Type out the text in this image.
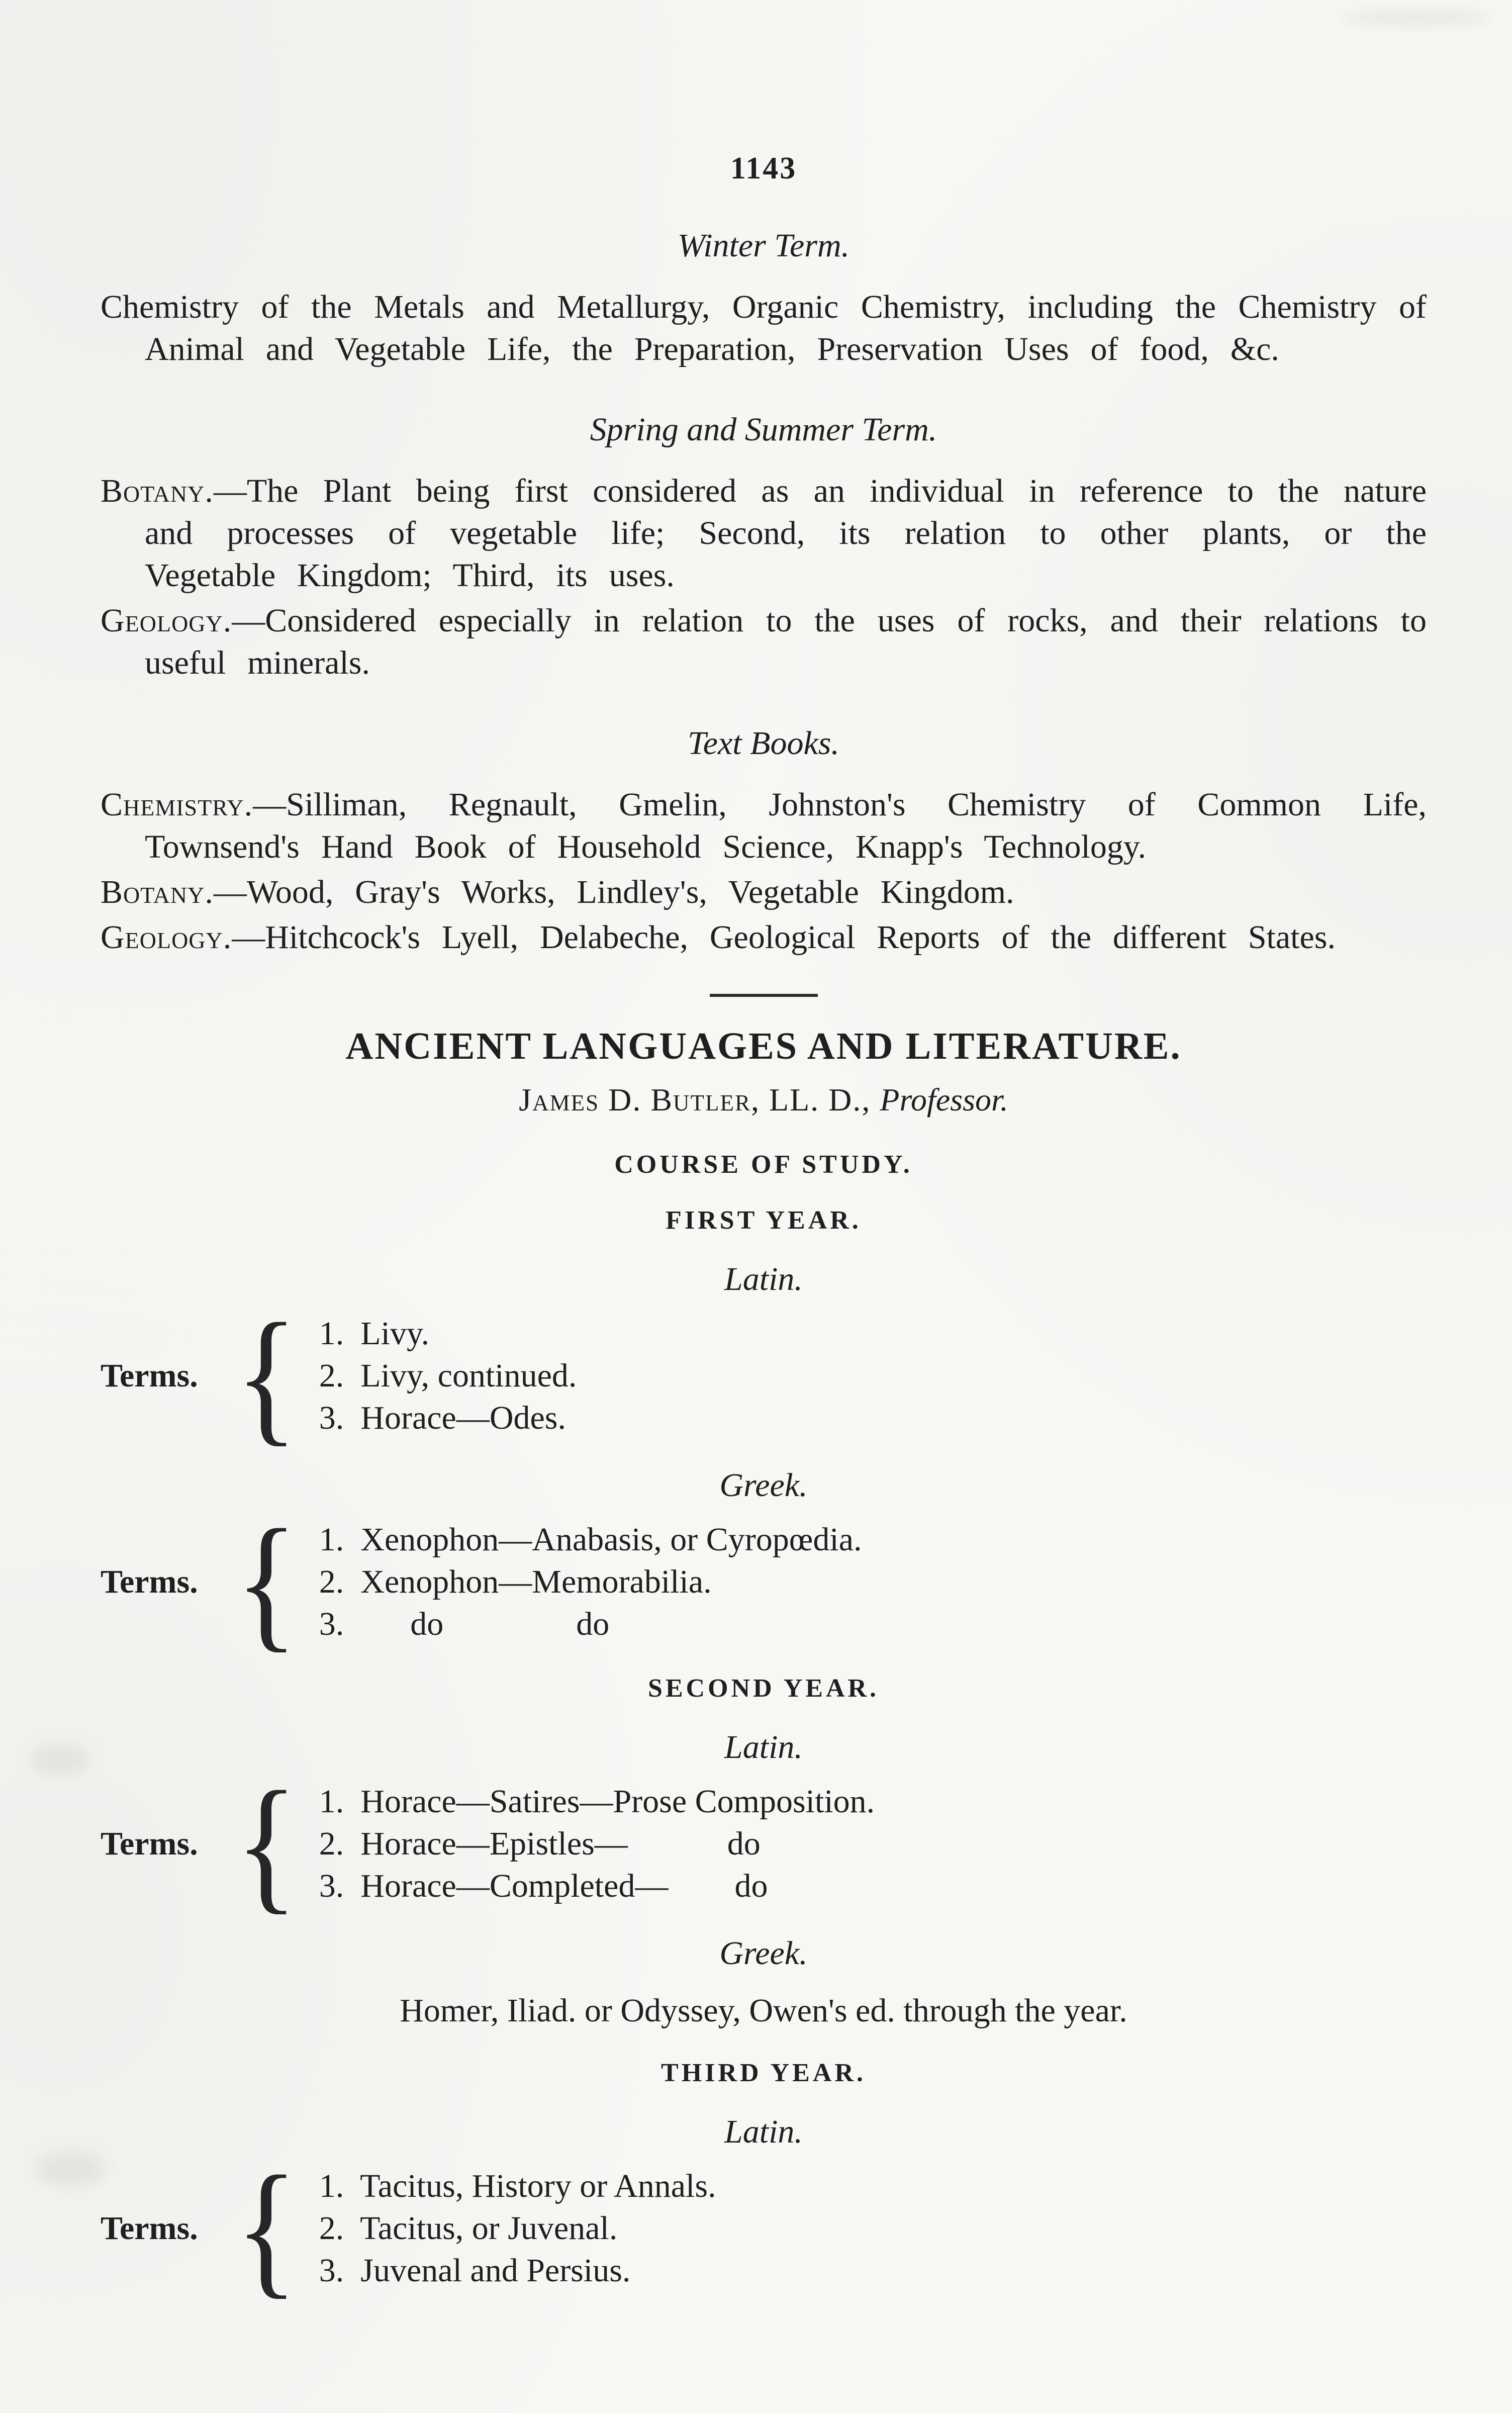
1143
Winter Term.

Chemistry of the Metals and Metallurgy, Organic Chemistry, including the Chemistry of Animal and Vegetable Life, the Preparation, Preservation Uses of food, &c.

Spring and Summer Term.

Botany.—The Plant being first considered as an individual in reference to the nature and processes of vegetable life; Second, its relation to other plants, or the Vegetable Kingdom; Third, its uses.

Geology.—Considered especially in relation to the uses of rocks, and their relations to useful minerals.

Text Books.

Chemistry.—Silliman, Regnault, Gmelin, Johnston's Chemistry of Common Life, Townsend's Hand Book of Household Science, Knapp's Technology.

Botany.—Wood, Gray's Works, Lindley's, Vegetable Kingdom.

Geology.—Hitchcock's Lyell, Delabeche, Geological Reports of the different States.

ANCIENT LANGUAGES AND LITERATURE.
James D. Butler, LL. D., Professor.
COURSE OF STUDY.
FIRST YEAR.
Latin.
Terms. { 1.  Livy.
2.  Livy, continued.
3.  Horace—Odes.
Greek.
Terms. { 1.  Xenophon—Anabasis, or Cyropœdia.
2.  Xenophon—Memorabilia.
3.        do                do
SECOND YEAR.
Latin.
Terms. { 1.  Horace—Satires—Prose Composition.
2.  Horace—Epistles—            do
3.  Horace—Completed—        do
Greek.
Homer, Iliad. or Odyssey, Owen's ed. through the year.
THIRD YEAR.
Latin.
Terms. { 1.  Tacitus, History or Annals.
2.  Tacitus, or Juvenal.
3.  Juvenal and Persius.
